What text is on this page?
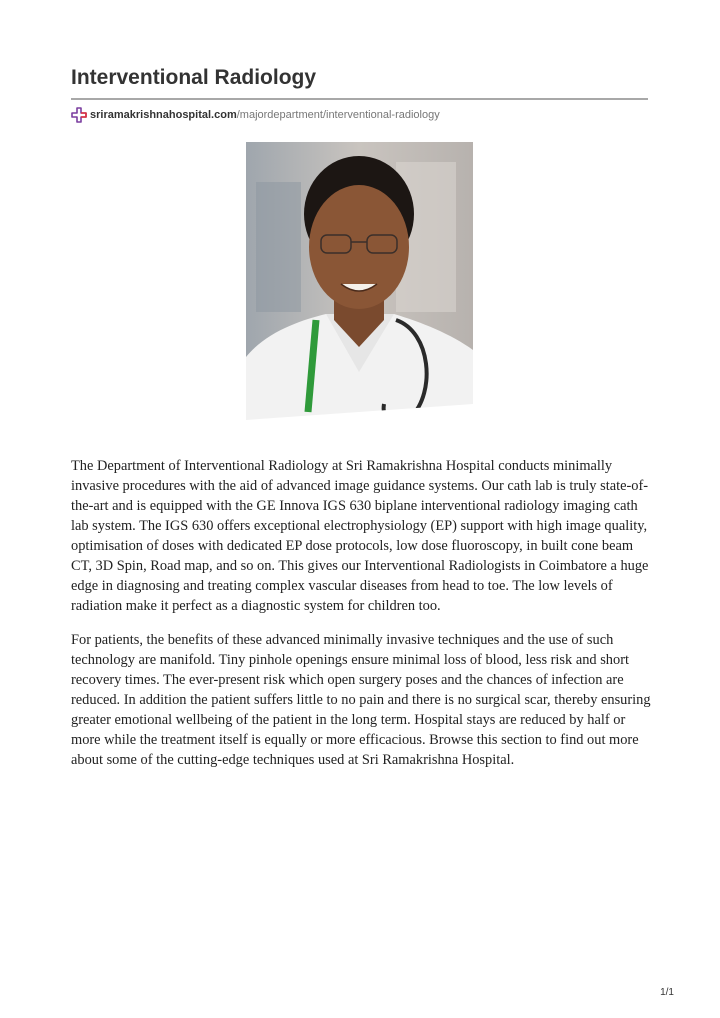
Interventional Radiology
sriramakrishnahospital.com /majordepartment/interventional-radiology

The Department of Interventional Radiology at Sri Ramakrishna Hospital conducts minimally invasive procedures with the aid of advanced image guidance systems. Our cath lab is truly state-of-the-art and is equipped with the GE Innova IGS 630 biplane interventional radiology imaging cath lab system. The IGS 630 offers exceptional electrophysiology (EP) support with high image quality, optimisation of doses with dedicated EP dose protocols, low dose fluoroscopy, in built cone beam CT, 3D Spin, Road map, and so on. This gives our Interventional Radiologists in Coimbatore a huge edge in diagnosing and treating complex vascular diseases from head to toe. The low levels of radiation make it perfect as a diagnostic system for children too.

For patients, the benefits of these advanced minimally invasive techniques and the use of such technology are manifold. Tiny pinhole openings ensure minimal loss of blood, less risk and short recovery times. The ever-present risk which open surgery poses and the chances of infection are reduced. In addition the patient suffers little to no pain and there is no surgical scar, thereby ensuring greater emotional wellbeing of the patient in the long term. Hospital stays are reduced by half or more while the treatment itself is equally or more efficacious. Browse this section to find out more about some of the cutting-edge techniques used at Sri Ramakrishna Hospital.

1/1
